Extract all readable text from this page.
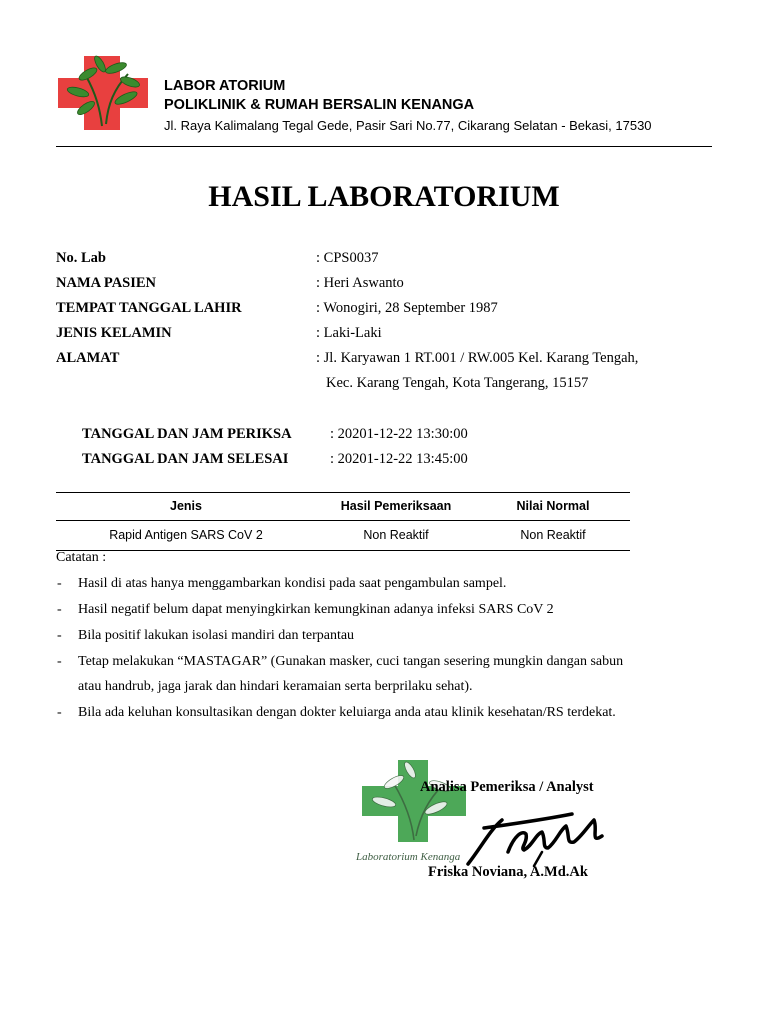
LABOR ATORIUM
POLIKLINIK & RUMAH BERSALIN KENANGA
Jl. Raya Kalimalang Tegal Gede, Pasir Sari No.77, Cikarang Selatan - Bekasi, 17530
HASIL LABORATORIUM
No. Lab	: CPS0037
NAMA PASIEN	: Heri Aswanto
TEMPAT TANGGAL LAHIR	: Wonogiri, 28 September 1987
JENIS KELAMIN	: Laki-Laki
ALAMAT	: Jl. Karyawan 1 RT.001 / RW.005 Kel. Karang Tengah,
Kec. Karang Tengah, Kota Tangerang, 15157
TANGGAL DAN JAM PERIKSA	: 20201-12-22 13:30:00
TANGGAL DAN JAM SELESAI	: 20201-12-22 13:45:00
Jenis	Hasil Pemeriksaan	Nilai Normal
Rapid Antigen SARS CoV 2	Non Reaktif	Non Reaktif
Catatan :
- Hasil di atas hanya menggambarkan kondisi pada saat pengambulan sampel.
- Hasil negatif belum dapat menyingkirkan kemungkinan adanya infeksi SARS CoV 2
- Bila positif lakukan isolasi mandiri dan terpantau
- Tetap melakukan “MASTAGAR” (Gunakan masker, cuci tangan sesering mungkin dangan sabun
atau handrub, jaga jarak dan hindari keramaian serta berprilaku sehat).
- Bila ada keluhan konsultasikan dengan dokter keluiarga anda atau klinik kesehatan/RS terdekat.
Laboratorium Kenanga
Analisa Pemeriksa / Analyst
Friska Noviana, A.Md.Ak
